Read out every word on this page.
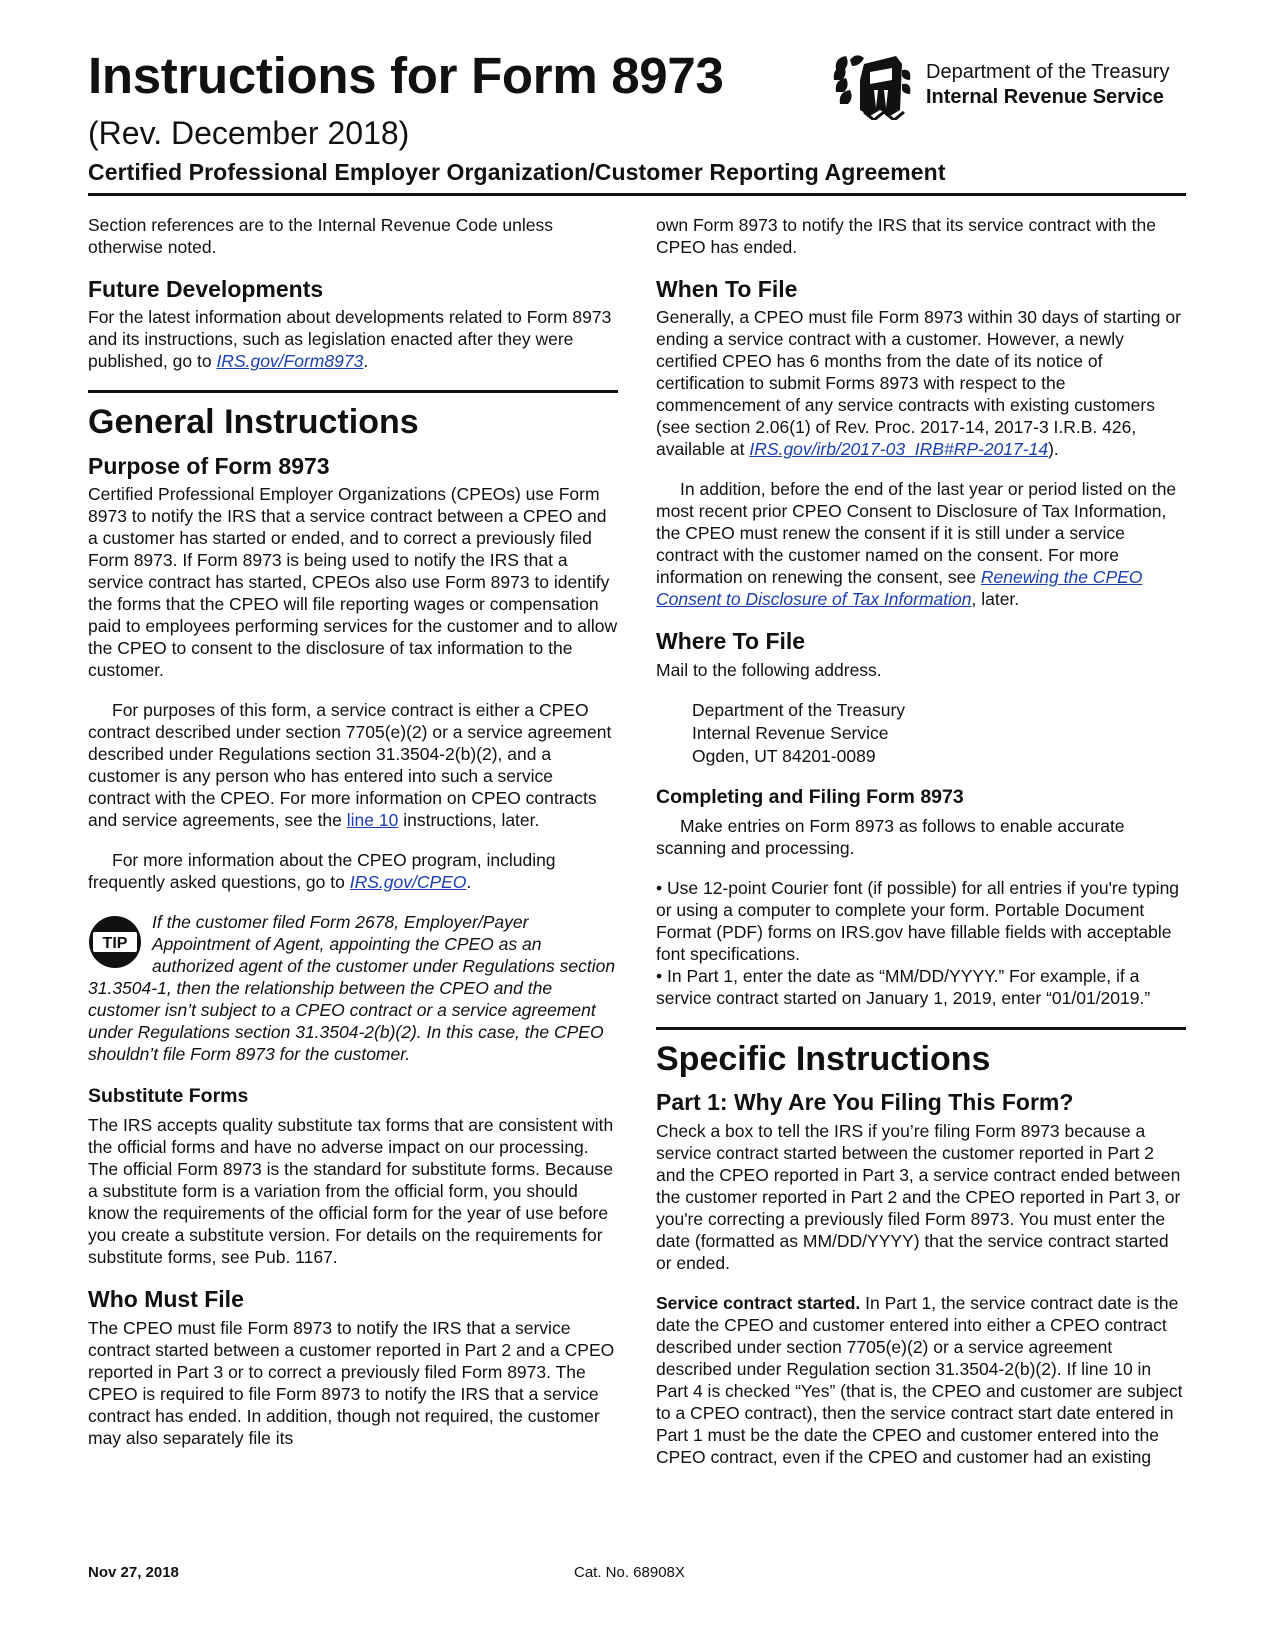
Instructions for Form 8973
(Rev. December 2018)
Certified Professional Employer Organization/Customer Reporting Agreement
Department of the Treasury
Internal Revenue Service

Section references are to the Internal Revenue Code unless otherwise noted.

Future Developments

For the latest information about developments related to Form 8973 and its instructions, such as legislation enacted after they were published, go to IRS.gov/Form8973.

General Instructions
Purpose of Form 8973

Certified Professional Employer Organizations (CPEOs) use Form 8973 to notify the IRS that a service contract between a CPEO and a customer has started or ended, and to correct a previously filed Form 8973. If Form 8973 is being used to notify the IRS that a service contract has started, CPEOs also use Form 8973 to identify the forms that the CPEO will file reporting wages or compensation paid to employees performing services for the customer and to allow the CPEO to consent to the disclosure of tax information to the customer.

For purposes of this form, a service contract is either a CPEO contract described under section 7705(e)(2) or a service agreement described under Regulations section 31.3504-2(b)(2), and a customer is any person who has entered into such a service contract with the CPEO. For more information on CPEO contracts and service agreements, see the line 10 instructions, later.

For more information about the CPEO program, including frequently asked questions, go to IRS.gov/CPEO.

TIP
If the customer filed Form 2678, Employer/Payer Appointment of Agent, appointing the CPEO as an authorized agent of the customer under Regulations section 31.3504-1, then the relationship between the CPEO and the customer isn’t subject to a CPEO contract or a service agreement under Regulations section 31.3504-2(b)(2). In this case, the CPEO shouldn’t file Form 8973 for the customer.
Substitute Forms

The IRS accepts quality substitute tax forms that are consistent with the official forms and have no adverse impact on our processing. The official Form 8973 is the standard for substitute forms. Because a substitute form is a variation from the official form, you should know the requirements of the official form for the year of use before you create a substitute version. For details on the requirements for substitute forms, see Pub. 1167.

Who Must File

The CPEO must file Form 8973 to notify the IRS that a service contract started between a customer reported in Part 2 and a CPEO reported in Part 3 or to correct a previously filed Form 8973. The CPEO is required to file Form 8973 to notify the IRS that a service contract has ended. In addition, though not required, the customer may also separately file its

own Form 8973 to notify the IRS that its service contract with the CPEO has ended.

When To File

Generally, a CPEO must file Form 8973 within 30 days of starting or ending a service contract with a customer. However, a newly certified CPEO has 6 months from the date of its notice of certification to submit Forms 8973 with respect to the commencement of any service contracts with existing customers (see section 2.06(1) of Rev. Proc. 2017-14, 2017-3 I.R.B. 426, available at IRS.gov/irb/2017-03_IRB#RP-2017-14).

In addition, before the end of the last year or period listed on the most recent prior CPEO Consent to Disclosure of Tax Information, the CPEO must renew the consent if it is still under a service contract with the customer named on the consent. For more information on renewing the consent, see Renewing the CPEO Consent to Disclosure of Tax Information, later.

Where To File

Mail to the following address.

Department of the Treasury
Internal Revenue Service
Ogden, UT 84201-0089
Completing and Filing Form 8973

Make entries on Form 8973 as follows to enable accurate scanning and processing.

• Use 12-point Courier font (if possible) for all entries if you're typing or using a computer to complete your form. Portable Document Format (PDF) forms on IRS.gov have fillable fields with acceptable font specifications.

• In Part 1, enter the date as “MM/DD/YYYY.” For example, if a service contract started on January 1, 2019, enter “01/01/2019.”

Specific Instructions
Part 1: Why Are You Filing This Form?

Check a box to tell the IRS if you’re filing Form 8973 because a service contract started between the customer reported in Part 2 and the CPEO reported in Part 3, a service contract ended between the customer reported in Part 2 and the CPEO reported in Part 3, or you're correcting a previously filed Form 8973. You must enter the date (formatted as MM/DD/YYYY) that the service contract started or ended.

Service contract started. In Part 1, the service contract date is the date the CPEO and customer entered into either a CPEO contract described under section 7705(e)(2) or a service agreement described under Regulation section 31.3504-2(b)(2). If line 10 in Part 4 is checked “Yes” (that is, the CPEO and customer are subject to a CPEO contract), then the service contract start date entered in Part 1 must be the date the CPEO and customer entered into the CPEO contract, even if the CPEO and customer had an existing

Nov 27, 2018	Cat. No. 68908X
